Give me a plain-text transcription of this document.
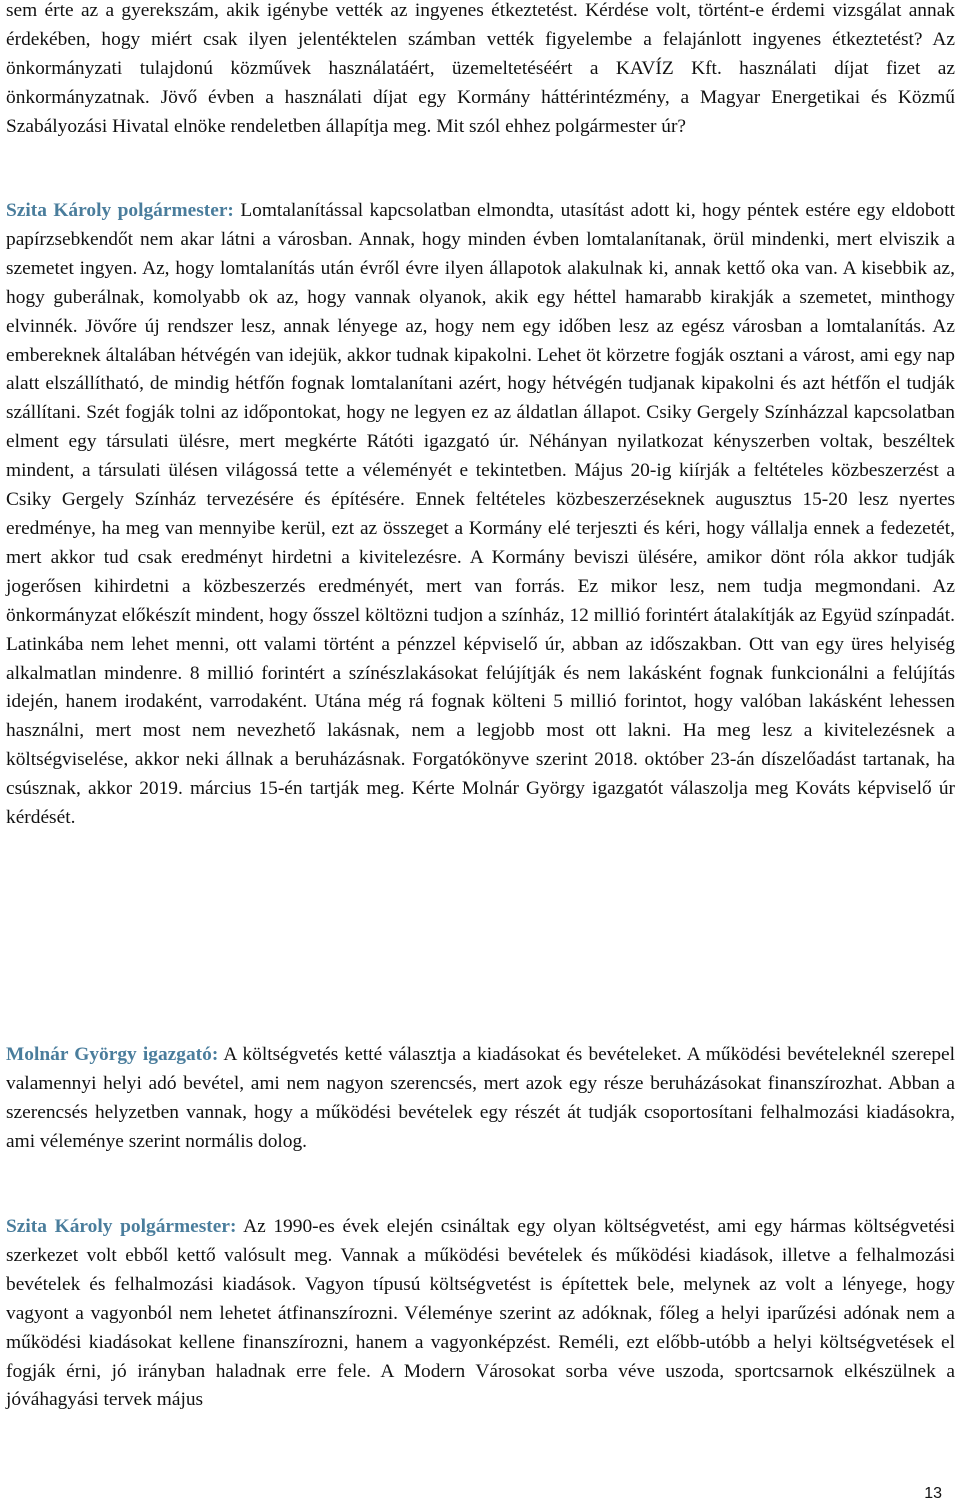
sem érte az a gyerekszám, akik igénybe vették az ingyenes étkeztetést. Kérdése volt, történt-e érdemi vizsgálat annak érdekében, hogy miért csak ilyen jelentéktelen számban vették figyelembe a felajánlott ingyenes étkeztetést? Az önkormányzati tulajdonú közművek használatáért, üzemeltetéséért a KAVÍZ Kft. használati díjat fizet az önkormányzatnak. Jövő évben a használati díjat egy Kormány háttérintézmény, a Magyar Energetikai és Közmű Szabályozási Hivatal elnöke rendeletben állapítja meg. Mit szól ehhez polgármester úr?

Szita Károly polgármester: Lomtalanítással kapcsolatban elmondta, utasítást adott ki, hogy péntek estére egy eldobott papírzsebkendőt nem akar látni a városban. Annak, hogy minden évben lomtalanítanak, örül mindenki, mert elviszik a szemetet ingyen. Az, hogy lomtalanítás után évről évre ilyen állapotok alakulnak ki, annak kettő oka van. A kisebbik az, hogy guberálnak, komolyabb ok az, hogy vannak olyanok, akik egy héttel hamarabb kirakják a szemetet, minthogy elvinnék. Jövőre új rendszer lesz, annak lényege az, hogy nem egy időben lesz az egész városban a lomtalanítás. Az embereknek általában hétvégén van idejük, akkor tudnak kipakolni. Lehet öt körzetre fogják osztani a várost, ami egy nap alatt elszállítható, de mindig hétfőn fognak lomtalanítani azért, hogy hétvégén tudjanak kipakolni és azt hétfőn el tudják szállítani. Szét fogják tolni az időpontokat, hogy ne legyen ez az áldatlan állapot. Csiky Gergely Színházzal kapcsolatban elment egy társulati ülésre, mert megkérte Rátóti igazgató úr. Néhányan nyilatkozat kényszerben voltak, beszéltek mindent, a társulati ülésen világossá tette a véleményét e tekintetben. Május 20-ig kiírják a feltételes közbeszerzést a Csiky Gergely Színház tervezésére és építésére. Ennek feltételes közbeszerzéseknek augusztus 15-20 lesz nyertes eredménye, ha meg van mennyibe kerül, ezt az összeget a Kormány elé terjeszti és kéri, hogy vállalja ennek a fedezetét, mert akkor tud csak eredményt hirdetni a kivitelezésre. A Kormány beviszi ülésére, amikor dönt róla akkor tudják jogerősen kihirdetni a közbeszerzés eredményét, mert van forrás. Ez mikor lesz, nem tudja megmondani. Az önkormányzat előkészít mindent, hogy ősszel költözni tudjon a színház, 12 millió forintért átalakítják az Együd színpadát. Latinkába nem lehet menni, ott valami történt a pénzzel képviselő úr, abban az időszakban. Ott van egy üres helyiség alkalmatlan mindenre. 8 millió forintért a színészlakásokat felújítják és nem lakásként fognak funkcionálni a felújítás idején, hanem irodaként, varrodaként. Utána még rá fognak költeni 5 millió forintot, hogy valóban lakásként lehessen használni, mert most nem nevezhető lakásnak, nem a legjobb most ott lakni. Ha meg lesz a kivitelezésnek a költségviselése, akkor neki állnak a beruházásnak. Forgatókönyve szerint 2018. október 23-án díszelőadást tartanak, ha csúsznak, akkor 2019. március 15-én tartják meg. Kérte Molnár György igazgatót válaszolja meg Kováts képviselő úr kérdését.

Molnár György igazgató: A költségvetés ketté választja a kiadásokat és bevételeket. A működési bevételeknél szerepel valamennyi helyi adó bevétel, ami nem nagyon szerencsés, mert azok egy része beruházásokat finanszírozhat. Abban a szerencsés helyzetben vannak, hogy a működési bevételek egy részét át tudják csoportosítani felhalmozási kiadásokra, ami véleménye szerint normális dolog.

Szita Károly polgármester: Az 1990-es évek elején csináltak egy olyan költségvetést, ami egy hármas költségvetési szerkezet volt ebből kettő valósult meg. Vannak a működési bevételek és működési kiadások, illetve a felhalmozási bevételek és felhalmozási kiadások. Vagyon típusú költségvetést is építettek bele, melynek az volt a lényege, hogy vagyont a vagyonból nem lehetet átfinanszírozni. Véleménye szerint az adóknak, főleg a helyi iparűzési adónak nem a működési kiadásokat kellene finanszírozni, hanem a vagyonképzést. Reméli, ezt előbb-utóbb a helyi költségvetések el fogják érni, jó irányban haladnak erre fele. A Modern Városokat sorba véve uszoda, sportcsarnok elkészülnek a jóváhagyási tervek május

13
